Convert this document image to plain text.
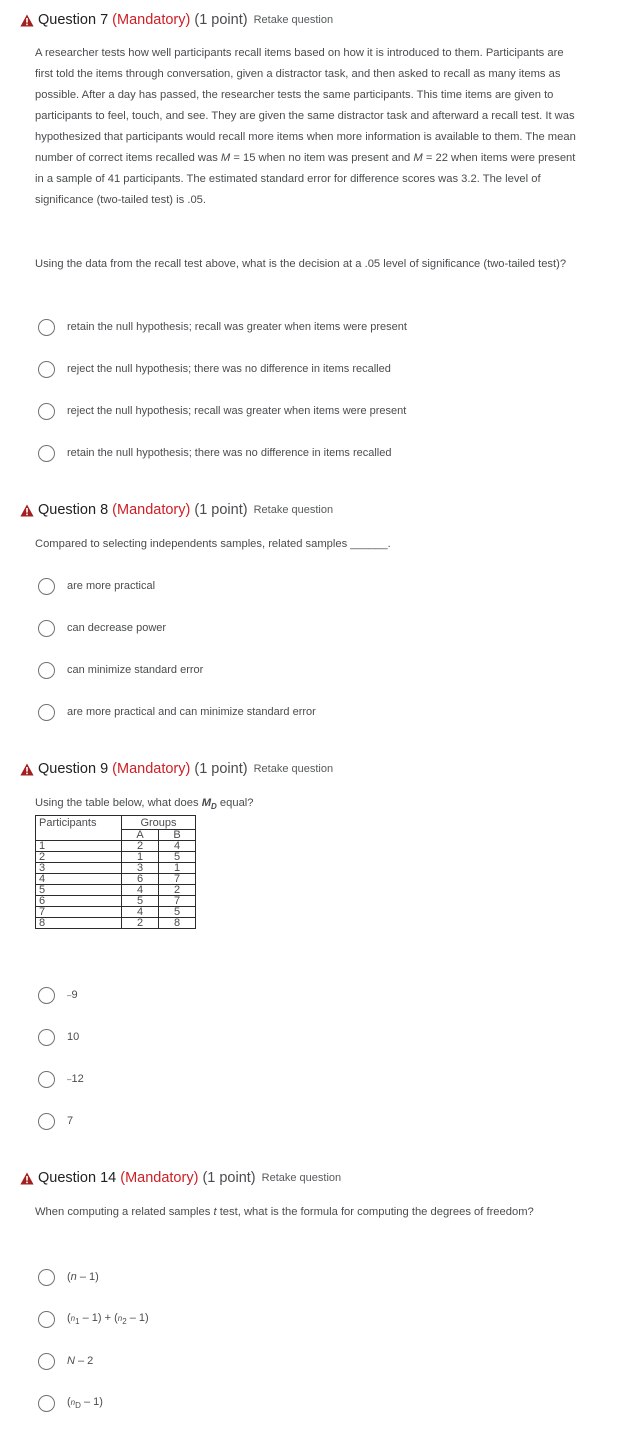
Question 7 (Mandatory) (1 point) Retake question
A researcher tests how well participants recall items based on how it is introduced to them. Participants are first told the items through conversation, given a distractor task, and then asked to recall as many items as possible. After a day has passed, the researcher tests the same participants. This time items are given to participants to feel, touch, and see. They are given the same distractor task and afterward a recall test. It was hypothesized that participants would recall more items when more information is available to them. The mean number of correct items recalled was M = 15 when no item was present and M = 22 when items were present in a sample of 41 participants. The estimated standard error for difference scores was 3.2. The level of significance (two-tailed test) is .05.
Using the data from the recall test above, what is the decision at a .05 level of significance (two-tailed test)?
retain the null hypothesis; recall was greater when items were present
reject the null hypothesis; there was no difference in items recalled
reject the null hypothesis; recall was greater when items were present
retain the null hypothesis; there was no difference in items recalled
Question 8 (Mandatory) (1 point) Retake question
Compared to selecting independents samples, related samples ______.
are more practical
can decrease power
can minimize standard error
are more practical and can minimize standard error
Question 9 (Mandatory) (1 point) Retake question
Using the table below, what does $M_D$ equal?
Participants	Groups	
	A	B
1	2	4
2	1	5
3	3	1
4	6	7
5	4	2
6	5	7
7	4	5
8	2	8
–9
10
–12
7
Question 14 (Mandatory) (1 point) Retake question
When computing a related samples t test, what is the formula for computing the degrees of freedom?
(n – 1)
$(n_1 - 1) + (n_2 - 1)$
N – 2
$(n_D - 1)$
